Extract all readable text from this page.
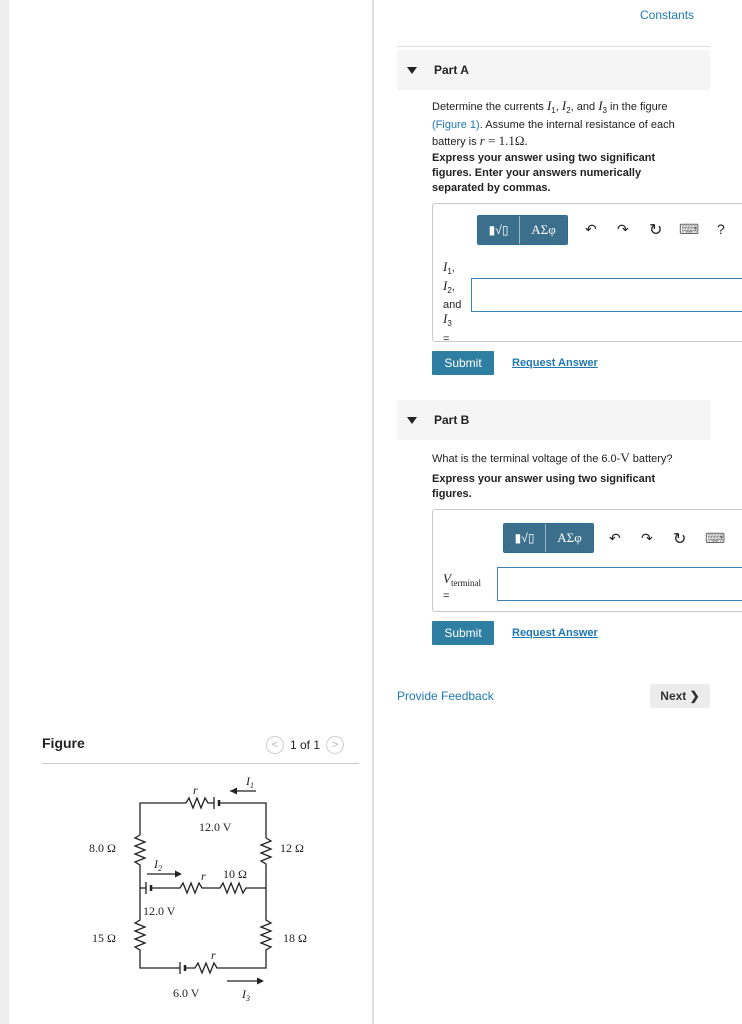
Figure	< 1 of 1	>
r
$I_1$
12.0 V
8.0 Ω	12 Ω
$I_2$
r 10 Ω
12.0 V
15 Ω	18 Ω
r
6.0 V	$I_3$
Constants
Part A
Determine the currents $I_1$, $I_2$, and $I_3$ in the figure (Figure 1). Assume the internal resistance of each battery is r = 1.1Ω.
Express your answer using two significant figures. Enter your answers numerically separated by commas.
▮√▯	ΑΣφ	↶ ↷ ↻ ⌨ ?
$I_1$,
$I_2$,
and
$I_3$
=
Submit	Request Answer
Part B
What is the terminal voltage of the 6.0-V battery?
Express your answer using two significant figures.
▮√▯	ΑΣφ	↶ ↷ ↻ ⌨
$V_{terminal}$
=
Submit	Request Answer
Provide Feedback	Next ❯
